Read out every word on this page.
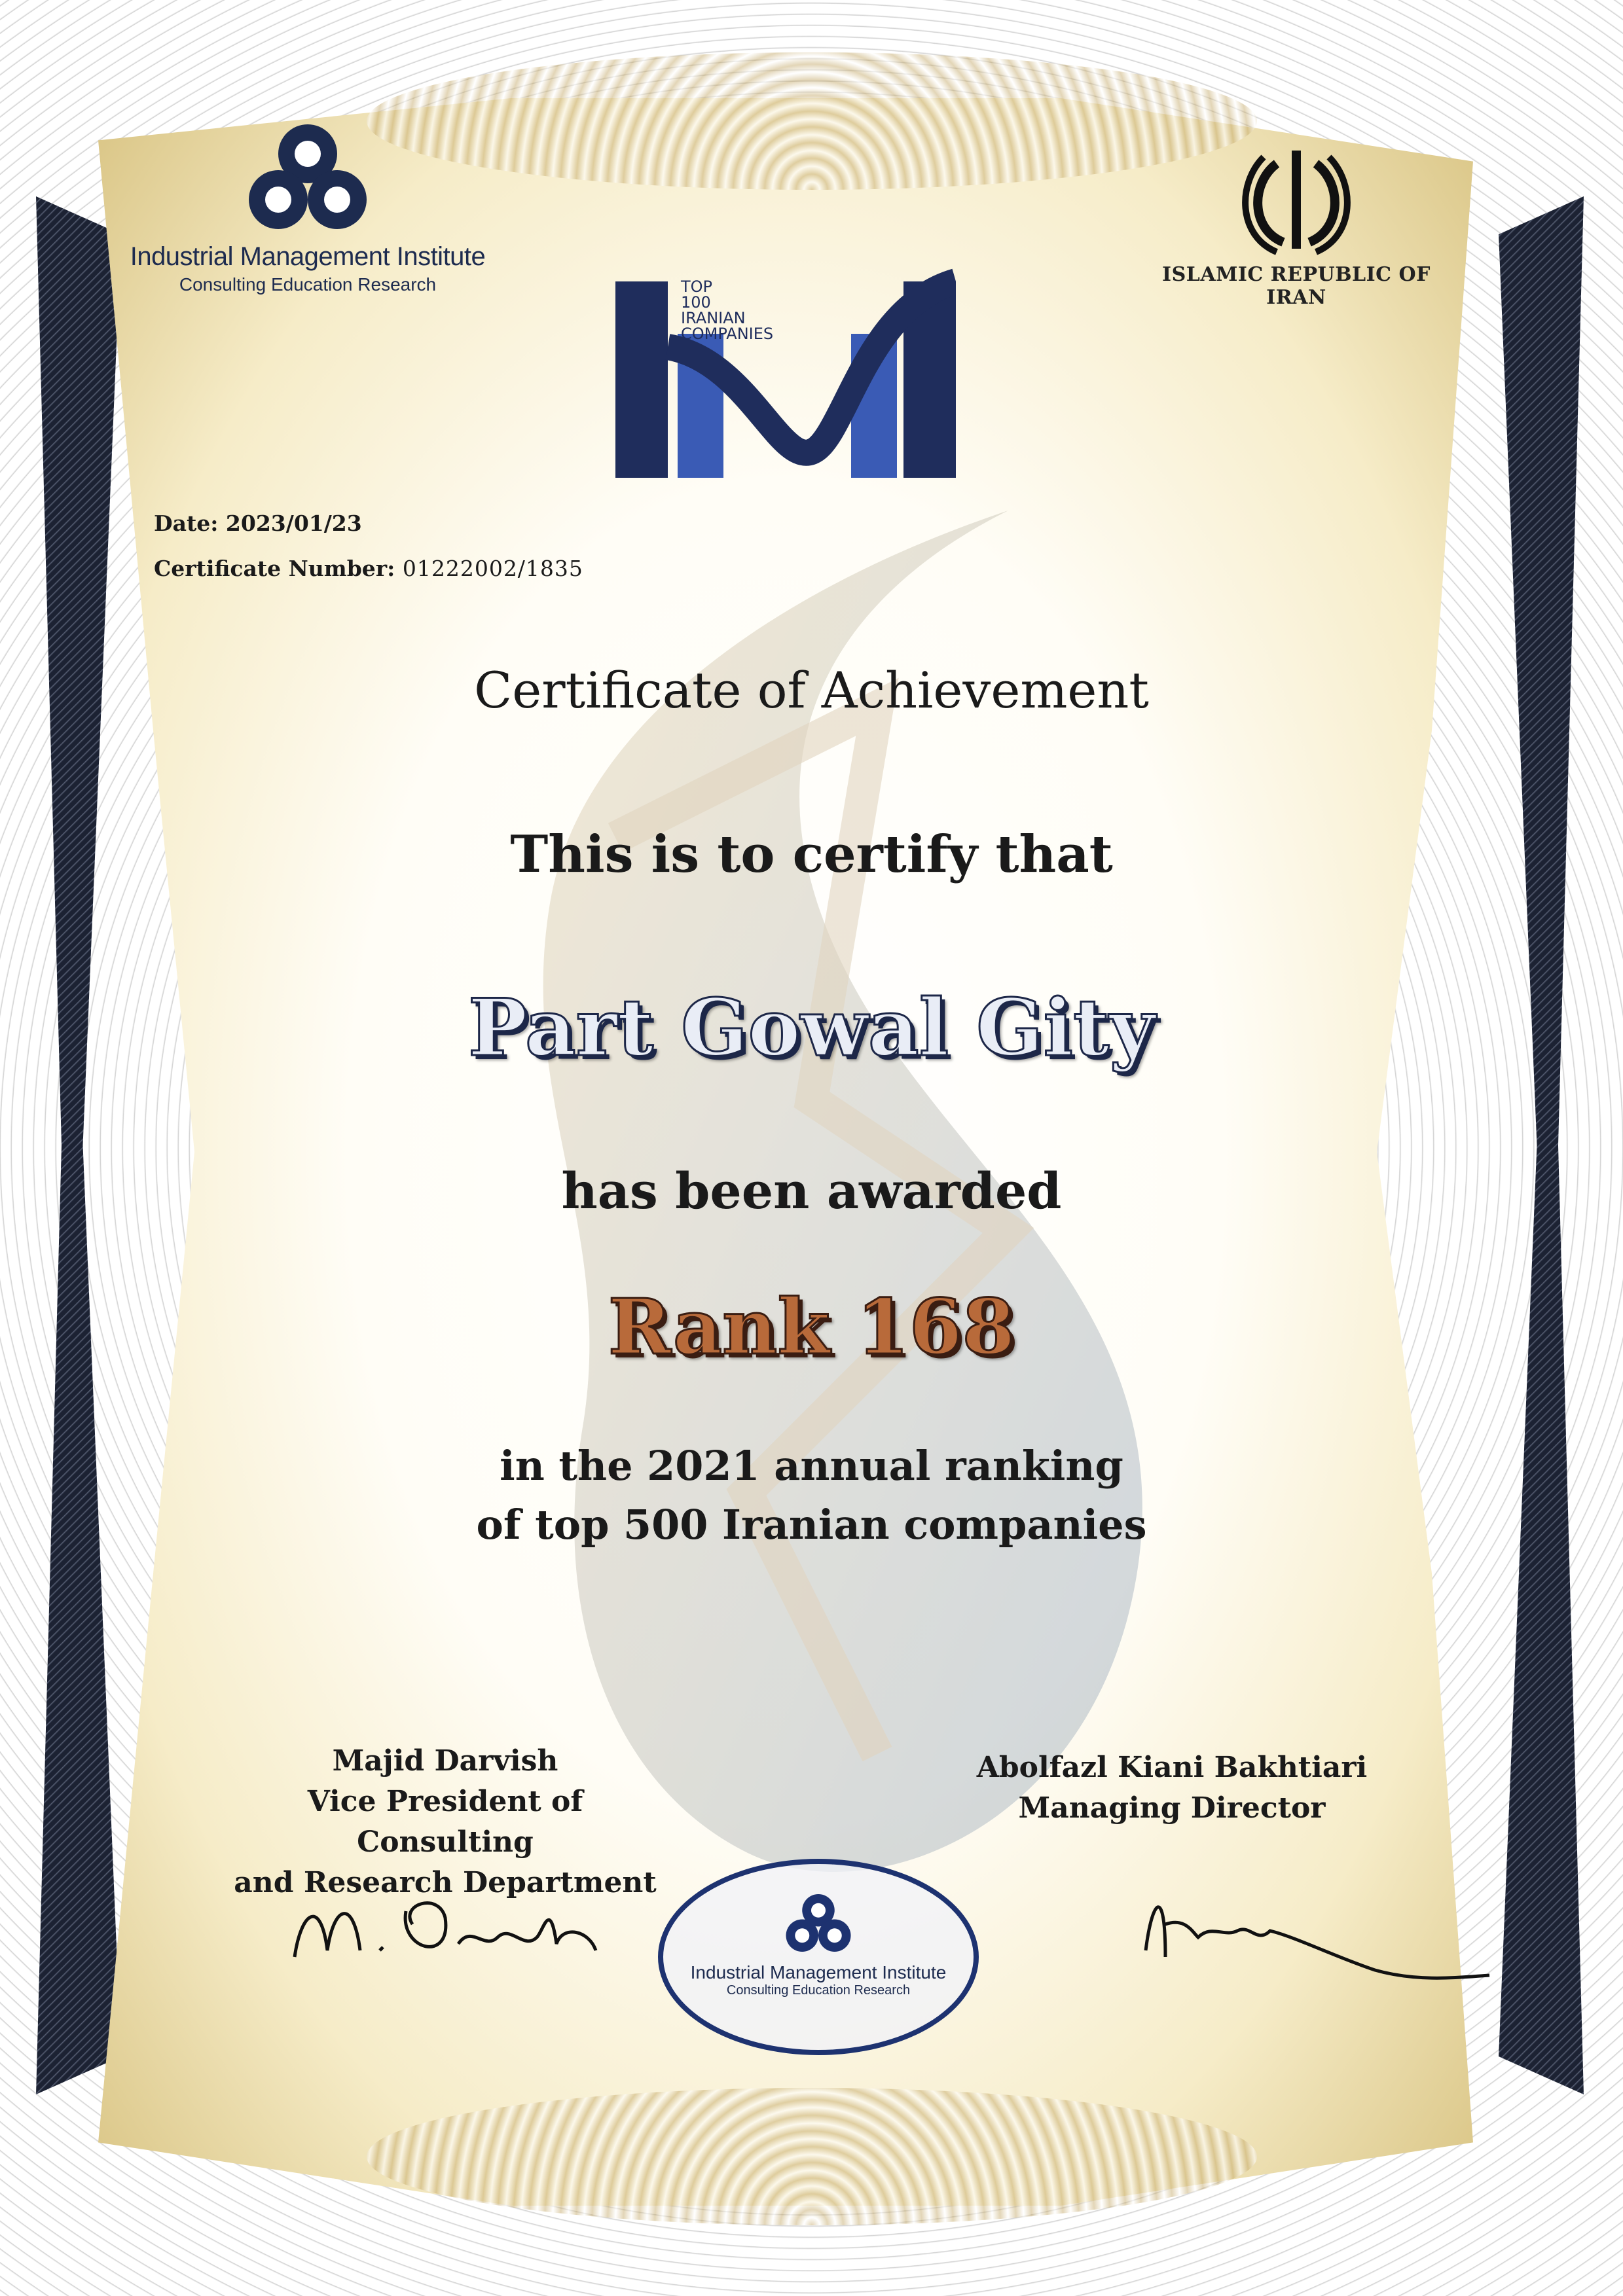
Industrial Management Institute
Consulting Education Research	ISLAMIC REPUBLIC OF IRAN
TOP
100
IRANIAN
COMPANIES
Date: 2023/01/23
Certificate Number: 01222002/1835
Certificate of Achievement
This is to certify that
Part Gowal Gity
has been awarded
Rank 168
in the 2021 annual ranking
of top 500 Iranian companies
Majid Darvish
Vice President of Consulting
and Research Department
Abolfazl Kiani Bakhtiari
Managing Director
Industrial Management Institute
Consulting Education Research
